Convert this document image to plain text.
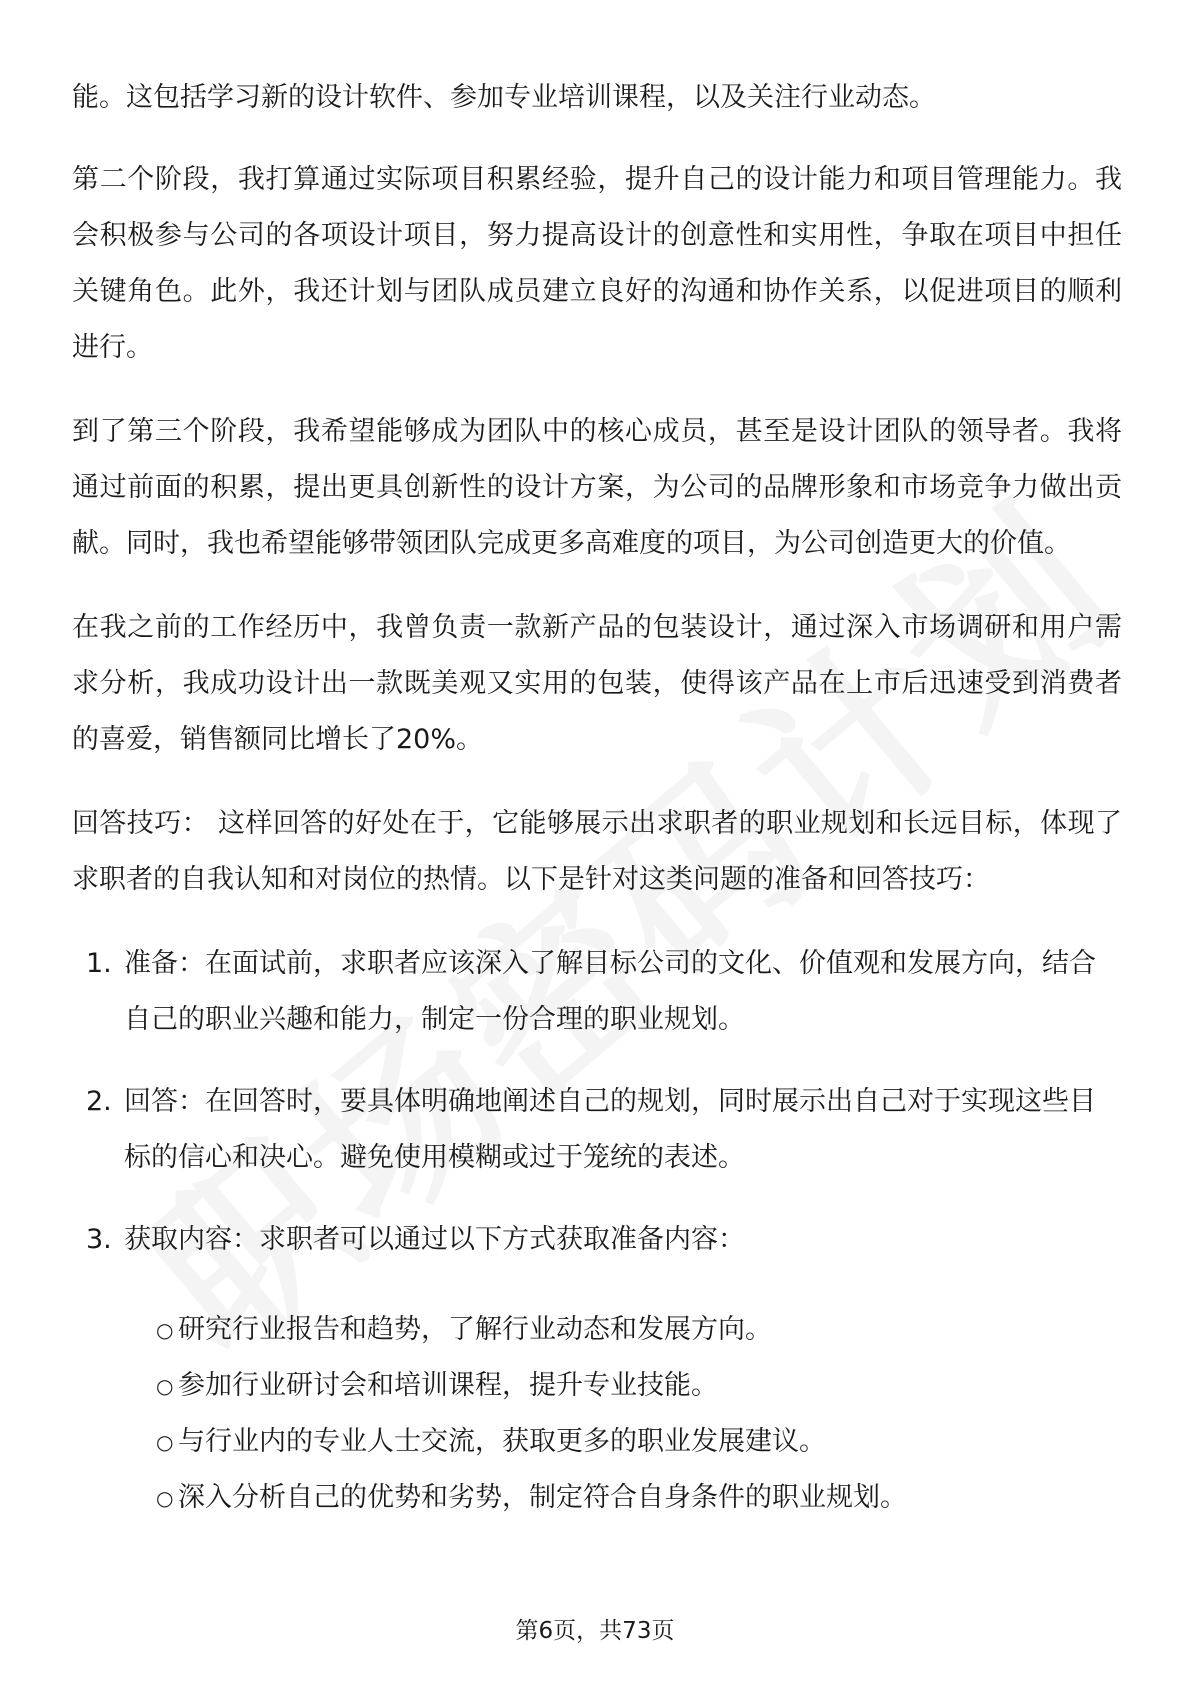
能。这包括学习新的设计软件、参加专业培训课程，以及关注行业动态。

第二个阶段，我打算通过实际项目积累经验，提升自己的设计能力和项目管理能力。我会积极参与公司的各项设计项目，努力提高设计的创意性和实用性，争取在项目中担任关键角色。此外，我还计划与团队成员建立良好的沟通和协作关系，以促进项目的顺利进行。

到了第三个阶段，我希望能够成为团队中的核心成员，甚至是设计团队的领导者。我将通过前面的积累，提出更具创新性的设计方案，为公司的品牌形象和市场竞争力做出贡献。同时，我也希望能够带领团队完成更多高难度的项目，为公司创造更大的价值。

在我之前的工作经历中，我曾负责一款新产品的包装设计，通过深入市场调研和用户需求分析，我成功设计出一款既美观又实用的包装，使得该产品在上市后迅速受到消费者的喜爱，销售额同比增长了20%。

回答技巧： 这样回答的好处在于，它能够展示出求职者的职业规划和长远目标，体现了求职者的自我认知和对岗位的热情。以下是针对这类问题的准备和回答技巧：

1. 准备：在面试前，求职者应该深入了解目标公司的文化、价值观和发展方向，结合自己的职业兴趣和能力，制定一份合理的职业规划。
2. 回答：在回答时，要具体明确地阐述自己的规划，同时展示出自己对于实现这些目标的信心和决心。避免使用模糊或过于笼统的表述。
3. 获取内容：求职者可以通过以下方式获取准备内容：
○ 研究行业报告和趋势，了解行业动态和发展方向。
○ 参加行业研讨会和培训课程，提升专业技能。
○ 与行业内的专业人士交流，获取更多的职业发展建议。
○ 深入分析自己的优势和劣势，制定符合自身条件的职业规划。
第6页，共73页
